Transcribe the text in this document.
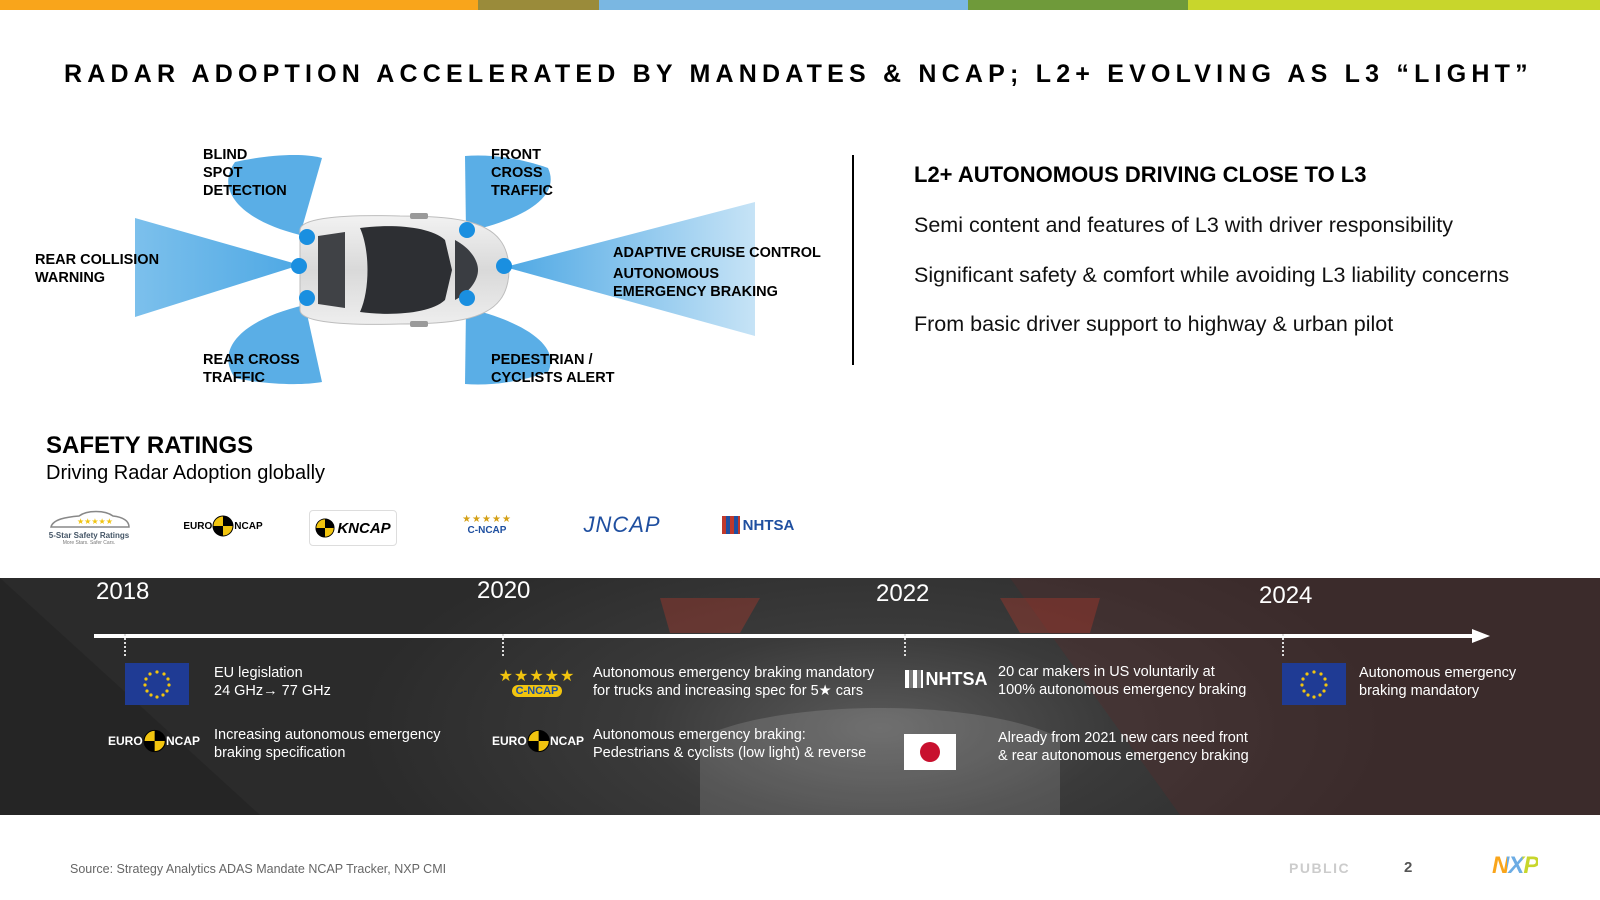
RADAR ADOPTION ACCELERATED BY MANDATES & NCAP; L2+ EVOLVING AS L3 “LIGHT”
BLIND
SPOT
DETECTION
FRONT
CROSS
TRAFFIC
REAR COLLISION
WARNING
ADAPTIVE CRUISE CONTROL
AUTONOMOUS
EMERGENCY BRAKING
REAR CROSS
TRAFFIC
PEDESTRIAN /
CYCLISTS ALERT
L2+ AUTONOMOUS DRIVING CLOSE TO L3
Semi content and features of L3 with driver responsibility
Significant safety & comfort while avoiding L3 liability concerns
From basic driver support to highway & urban pilot
SAFETY RATINGS
Driving Radar Adoption globally
★★★★★
5-Star Safety Ratings
More Stars. Safer Cars.
EURO NCAP	KNCAP	★★★★★
C-NCAP	JNCAP	NHTSA
2018	2020	2022	2024
EU legislation
24 GHz→ 77 GHz
EURO NCAP Increasing autonomous emergency
braking specification
★★★★★
C-NCAP
Autonomous emergency braking mandatory
for trucks and increasing spec for 5★ cars
EURO NCAP Autonomous emergency braking:
Pedestrians & cyclists (low light) & reverse
NHTSA 20 car makers in US voluntarily at
100% autonomous emergency braking
Already from 2021 new cars need front
& rear autonomous emergency braking
Autonomous emergency
braking mandatory
Source: Strategy Analytics ADAS Mandate NCAP Tracker, NXP CMI	PUBLIC	2	NXP
